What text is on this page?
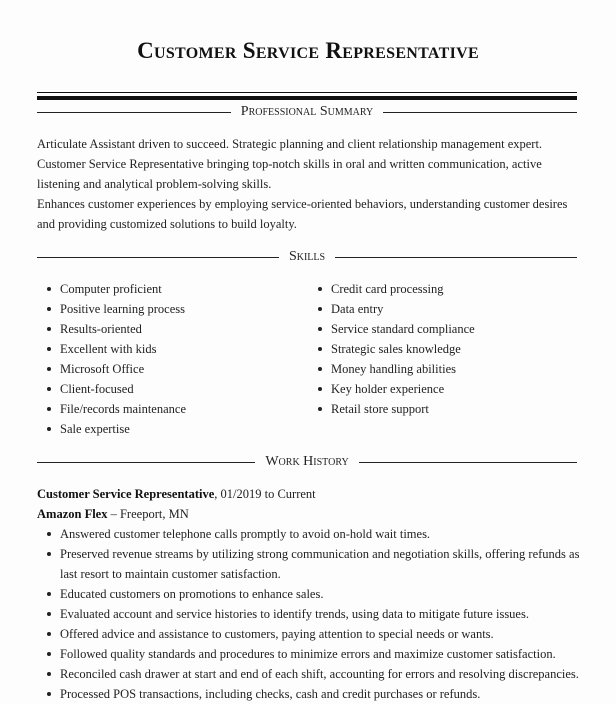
Customer Service Representative
Professional Summary

Articulate Assistant driven to succeed. Strategic planning and client relationship management expert.

Customer Service Representative bringing top-notch skills in oral and written communication, active listening and analytical problem-solving skills.

Enhances customer experiences by employing service-oriented behaviors, understanding customer desires and providing customized solutions to build loyalty.

Skills
Computer proficient
Positive learning process
Results-oriented
Excellent with kids
Microsoft Office
Client-focused
File/records maintenance
Sale expertise
Credit card processing
Data entry
Service standard compliance
Strategic sales knowledge
Money handling abilities
Key holder experience
Retail store support
Work History
Customer Service Representative, 01/2019 to Current
Amazon Flex – Freeport, MN
Answered customer telephone calls promptly to avoid on-hold wait times.
Preserved revenue streams by utilizing strong communication and negotiation skills, offering refunds as last resort to maintain customer satisfaction.
Educated customers on promotions to enhance sales.
Evaluated account and service histories to identify trends, using data to mitigate future issues.
Offered advice and assistance to customers, paying attention to special needs or wants.
Followed quality standards and procedures to minimize errors and maximize customer satisfaction.
Reconciled cash drawer at start and end of each shift, accounting for errors and resolving discrepancies.
Processed POS transactions, including checks, cash and credit purchases or refunds.
